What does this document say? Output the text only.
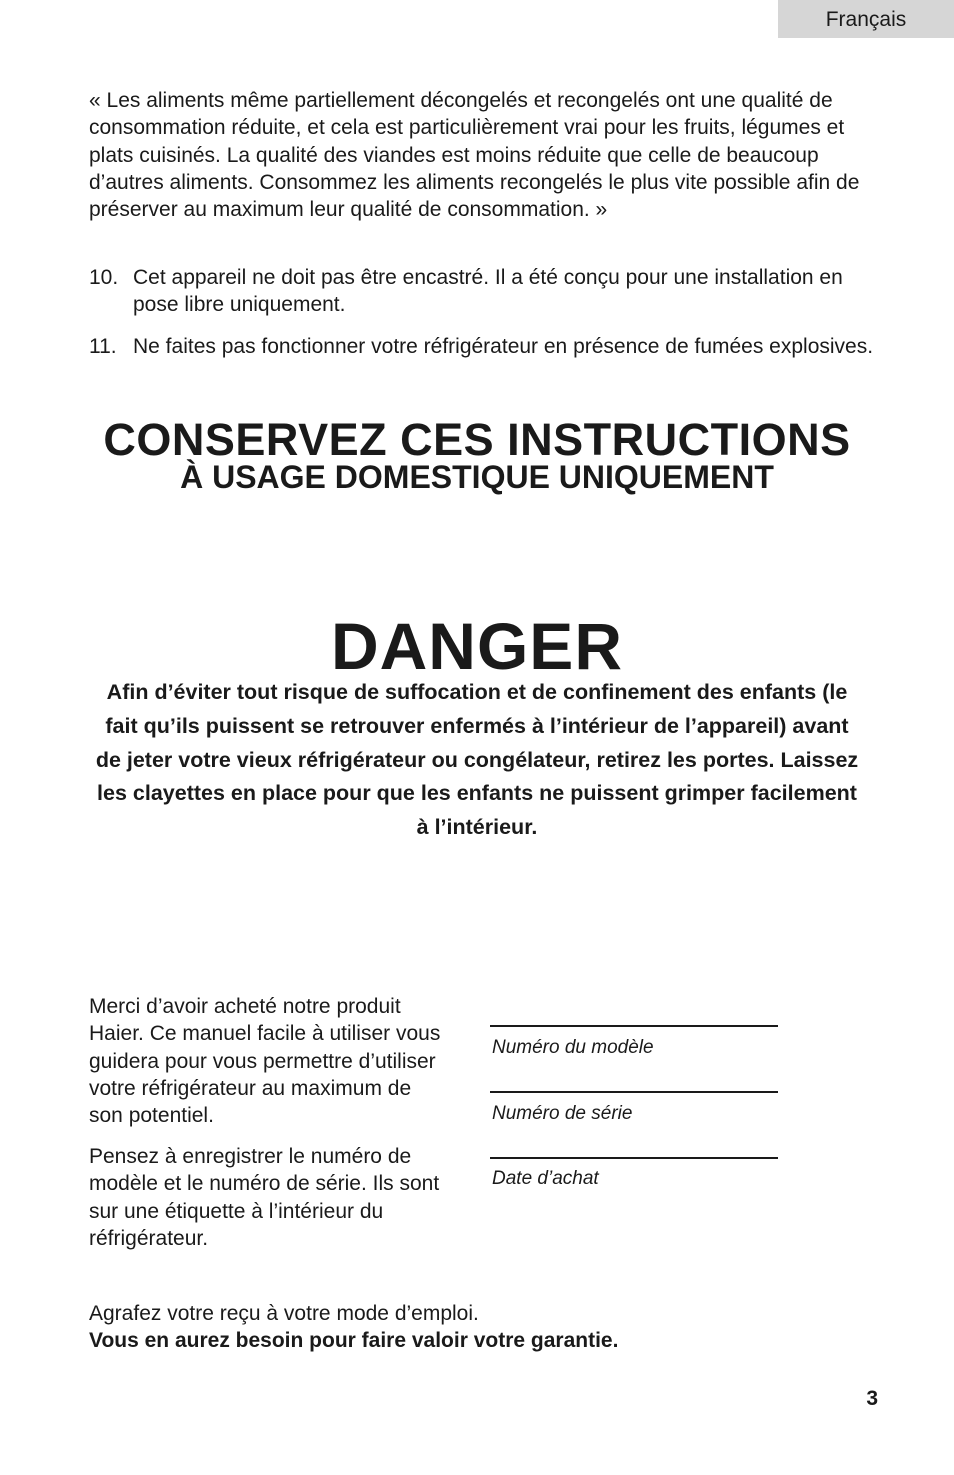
Français

« Les aliments même partiellement décongelés et recongelés ont une qualité de consommation réduite, et cela est particulièrement vrai pour les fruits, légumes et plats cuisinés. La qualité des viandes est moins réduite que celle de beaucoup d’autres aliments. Consommez les aliments recongelés le plus vite possible afin de préserver au maximum leur qualité de consommation. »

10. Cet appareil ne doit pas être encastré. Il a été conçu pour une installation en pose libre uniquement.
11. Ne faites pas fonctionner votre réfrigérateur en présence de fumées explosives.
CONSERVEZ CES INSTRUCTIONS
À USAGE DOMESTIQUE UNIQUEMENT
DANGER

Afin d’éviter tout risque de suffocation et de confinement des enfants (le fait qu’ils puissent se retrouver enfermés à l’intérieur de l’appareil) avant de jeter votre vieux réfrigérateur ou congélateur, retirez les portes. Laissez les clayettes en place pour que les enfants ne puissent grimper facilement à l’intérieur.

Merci d’avoir acheté notre produit Haier. Ce manuel facile à utiliser vous guidera pour vous permettre d’utiliser votre réfrigérateur au maximum de son potentiel.

Pensez à enregistrer le numéro de modèle et le numéro de série. Ils sont sur une étiquette à l’intérieur du réfrigérateur.

Numéro du modèle
Numéro de série
Date d’achat

Agrafez votre reçu à votre mode d’emploi.

Vous en aurez besoin pour faire valoir votre garantie.

3
